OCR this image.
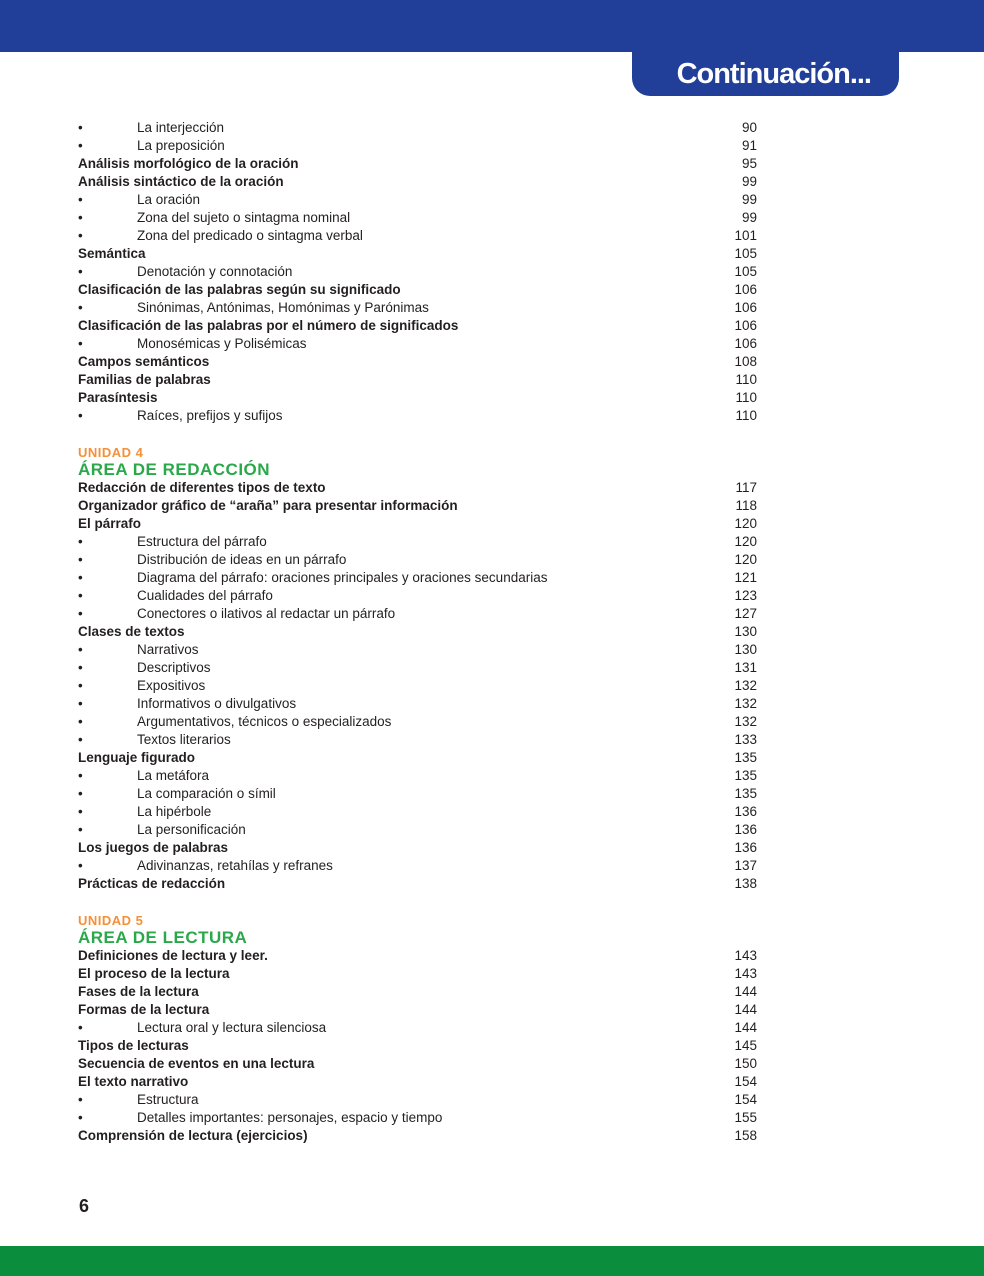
Continuación...
•	La interjección	90
•	La preposición	91
Análisis morfológico de la oración	95
Análisis sintáctico de la oración	99
•	La oración	99
•	Zona del sujeto o sintagma nominal	99
•	Zona del predicado o sintagma verbal	101
Semántica	105
•	Denotación y connotación	105
Clasificación de las palabras según su significado	106
•	Sinónimas, Antónimas, Homónimas y Parónimas	106
Clasificación de las palabras por el número de significados	106
•	Monosémicas y Polisémicas	106
Campos semánticos	108
Familias de palabras	110
Parasíntesis	110
•	Raíces, prefijos y sufijos	110
UNIDAD 4
ÁREA DE REDACCIÓN
Redacción de diferentes tipos de texto	117
Organizador gráfico de “araña” para presentar información	118
El párrafo	120
•	Estructura del párrafo	120
•	Distribución de ideas en un párrafo	120
•	Diagrama del párrafo: oraciones principales y oraciones secundarias	121
•	Cualidades del párrafo	123
•	Conectores o ilativos al redactar un párrafo	127
Clases de textos	130
•	Narrativos	130
•	Descriptivos	131
•	Expositivos	132
•	Informativos o divulgativos	132
•	Argumentativos, técnicos o especializados	132
•	Textos literarios	133
Lenguaje figurado	135
•	La metáfora	135
•	La comparación o símil	135
•	La hipérbole	136
•	La personificación	136
Los juegos de palabras	136
•	Adivinanzas, retahílas y refranes	137
Prácticas de redacción	138
UNIDAD 5
ÁREA DE LECTURA
Definiciones de lectura y leer.	143
El proceso de la lectura	143
Fases de la lectura	144
Formas de la lectura	144
•	Lectura oral y lectura silenciosa	144
Tipos de lecturas	145
Secuencia de eventos en una lectura	150
El texto narrativo	154
•	Estructura	154
•	Detalles importantes: personajes, espacio y tiempo	155
Comprensión de lectura (ejercicios)	158
6
